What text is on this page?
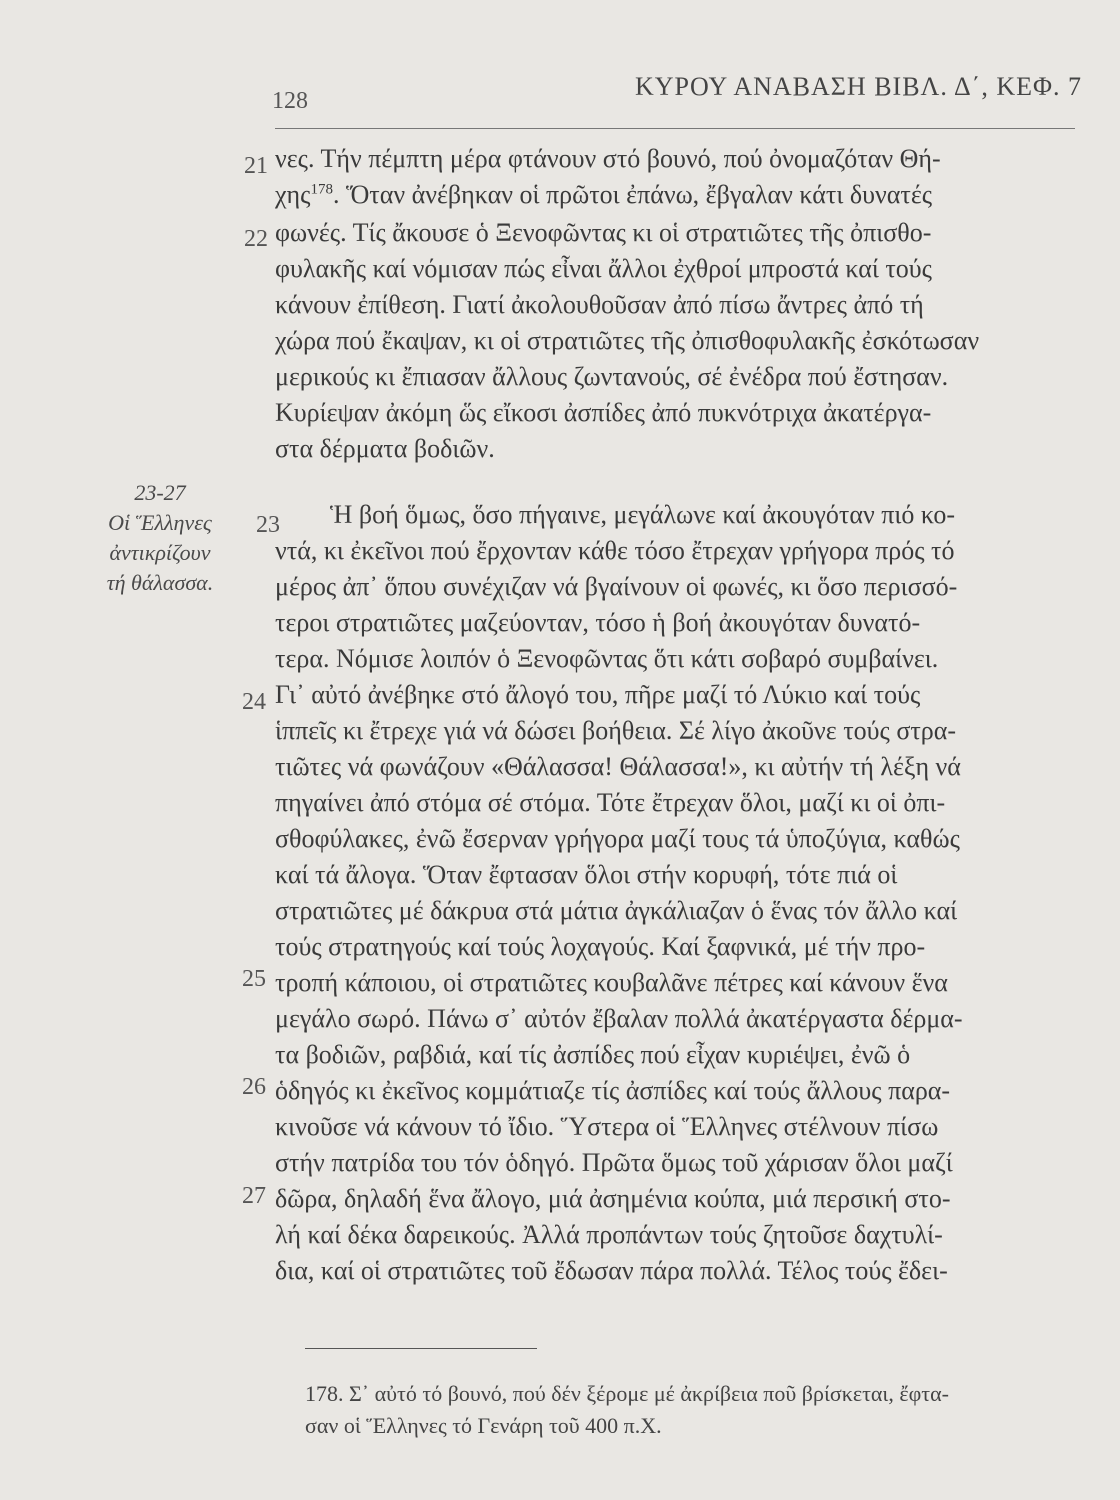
128	ΚΥΡΟΥ ΑΝΑΒΑΣΗ ΒΙΒΛ. Δ΄, ΚΕΦ. 7
23-27
Οἱ Ἕλληνες
ἀντικρίζουν
τή θάλασσα.
21
22
23
24
25
26
27
νες. Τήν πέμπτη μέρα φτάνουν στό βουνό, πού ὀνομαζόταν Θή-
χης$^{178}$. Ὅταν ἀνέβηκαν οἱ πρῶτοι ἐπάνω, ἔβγαλαν κάτι δυνατές
φωνές. Τίς ἄκουσε ὁ Ξενοφῶντας κι οἱ στρατιῶτες τῆς ὀπισθο-
φυλακῆς καί νόμισαν πώς εἶναι ἄλλοι ἐχθροί μπροστά καί τούς
κάνουν ἐπίθεση. Γιατί ἀκολουθοῦσαν ἀπό πίσω ἄντρες ἀπό τή
χώρα πού ἔκαψαν, κι οἱ στρατιῶτες τῆς ὀπισθοφυλακῆς ἐσκότωσαν
μερικούς κι ἔπιασαν ἄλλους ζωντανούς, σέ ἐνέδρα πού ἔστησαν.
Κυρίεψαν ἀκόμη ὥς εἴκοσι ἀσπίδες ἀπό πυκνότριχα ἀκατέργα-
στα δέρματα βοδιῶν.
Ἡ βοή ὅμως, ὅσο πήγαινε, μεγάλωνε καί ἀκουγόταν πιό κο-
ντά, κι ἐκεῖνοι πού ἔρχονταν κάθε τόσο ἔτρεχαν γρήγορα πρός τό
μέρος ἀπ᾽ ὅπου συνέχιζαν νά βγαίνουν οἱ φωνές, κι ὅσο περισσό-
τεροι στρατιῶτες μαζεύονταν, τόσο ἡ βοή ἀκουγόταν δυνατό-
τερα. Νόμισε λοιπόν ὁ Ξενοφῶντας ὅτι κάτι σοβαρό συμβαίνει.
Γι᾽ αὐτό ἀνέβηκε στό ἄλογό του, πῆρε μαζί τό Λύκιο καί τούς
ἱππεῖς κι ἔτρεχε γιά νά δώσει βοήθεια. Σέ λίγο ἀκοῦνε τούς στρα-
τιῶτες νά φωνάζουν «Θάλασσα! Θάλασσα!», κι αὐτήν τή λέξη νά
πηγαίνει ἀπό στόμα σέ στόμα. Τότε ἔτρεχαν ὅλοι, μαζί κι οἱ ὀπι-
σθοφύλακες, ἐνῶ ἔσερναν γρήγορα μαζί τους τά ὑποζύγια, καθώς
καί τά ἄλογα. Ὅταν ἔφτασαν ὅλοι στήν κορυφή, τότε πιά οἱ
στρατιῶτες μέ δάκρυα στά μάτια ἀγκάλιαζαν ὁ ἕνας τόν ἄλλο καί
τούς στρατηγούς καί τούς λοχαγούς. Καί ξαφνικά, μέ τήν προ-
τροπή κάποιου, οἱ στρατιῶτες κουβαλᾶνε πέτρες καί κάνουν ἕνα
μεγάλο σωρό. Πάνω σ᾽ αὐτόν ἔβαλαν πολλά ἀκατέργαστα δέρμα-
τα βοδιῶν, ραβδιά, καί τίς ἀσπίδες πού εἶχαν κυριέψει, ἐνῶ ὁ
ὁδηγός κι ἐκεῖνος κομμάτιαζε τίς ἀσπίδες καί τούς ἄλλους παρα-
κινοῦσε νά κάνουν τό ἴδιο. Ὕστερα οἱ Ἕλληνες στέλνουν πίσω
στήν πατρίδα του τόν ὁδηγό. Πρῶτα ὅμως τοῦ χάρισαν ὅλοι μαζί
δῶρα, δηλαδή ἕνα ἄλογο, μιά ἀσημένια κούπα, μιά περσική στο-
λή καί δέκα δαρεικούς. Ἀλλά προπάντων τούς ζητοῦσε δαχτυλί-
δια, καί οἱ στρατιῶτες τοῦ ἔδωσαν πάρα πολλά. Τέλος τούς ἔδει-
178. Σ᾽ αὐτό τό βουνό, πού δέν ξέρομε μέ ἀκρίβεια ποῦ βρίσκεται, ἔφτα-
σαν οἱ Ἕλληνες τό Γενάρη τοῦ 400 π.Χ.
